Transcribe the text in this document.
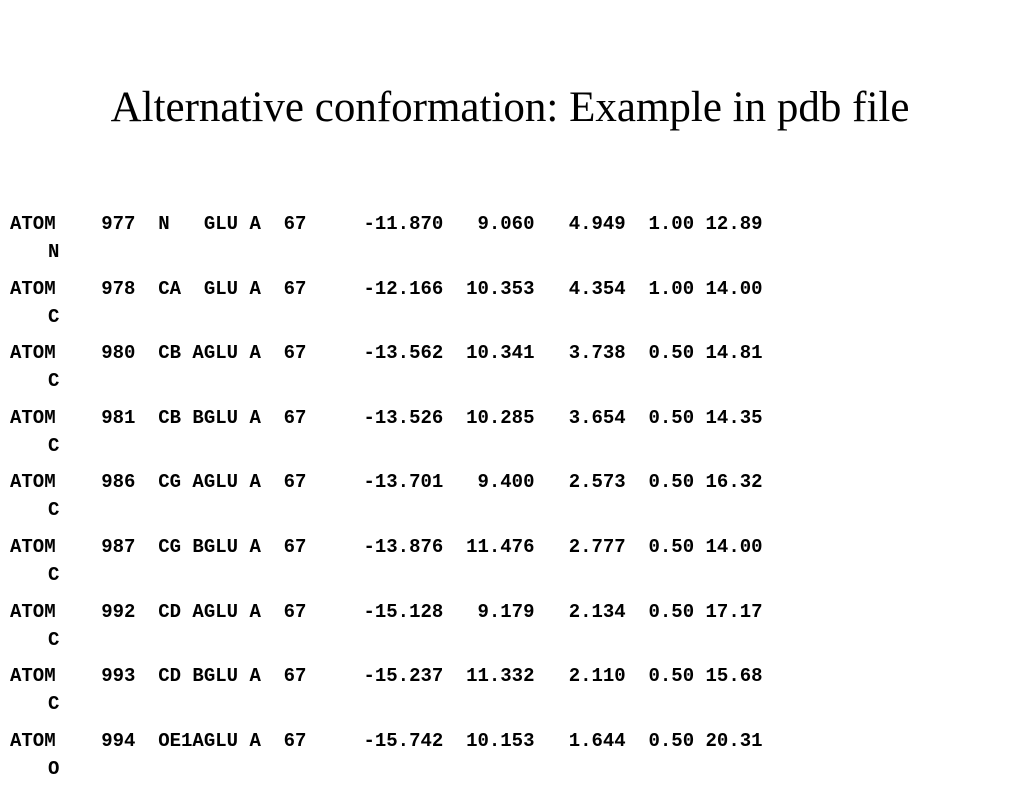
Alternative conformation: Example in pdb file
ATOM    977  N   GLU A  67     -11.870   9.060   4.949  1.00 12.89
N
ATOM    978  CA  GLU A  67     -12.166  10.353   4.354  1.00 14.00
C
ATOM    980  CB AGLU A  67     -13.562  10.341   3.738  0.50 14.81
C
ATOM    981  CB BGLU A  67     -13.526  10.285   3.654  0.50 14.35
C
ATOM    986  CG AGLU A  67     -13.701   9.400   2.573  0.50 16.32
C
ATOM    987  CG BGLU A  67     -13.876  11.476   2.777  0.50 14.00
C
ATOM    992  CD AGLU A  67     -15.128   9.179   2.134  0.50 17.17
C
ATOM    993  CD BGLU A  67     -15.237  11.332   2.110  0.50 15.68
C
ATOM    994  OE1AGLU A  67     -15.742  10.153   1.644  0.50 20.31
O
